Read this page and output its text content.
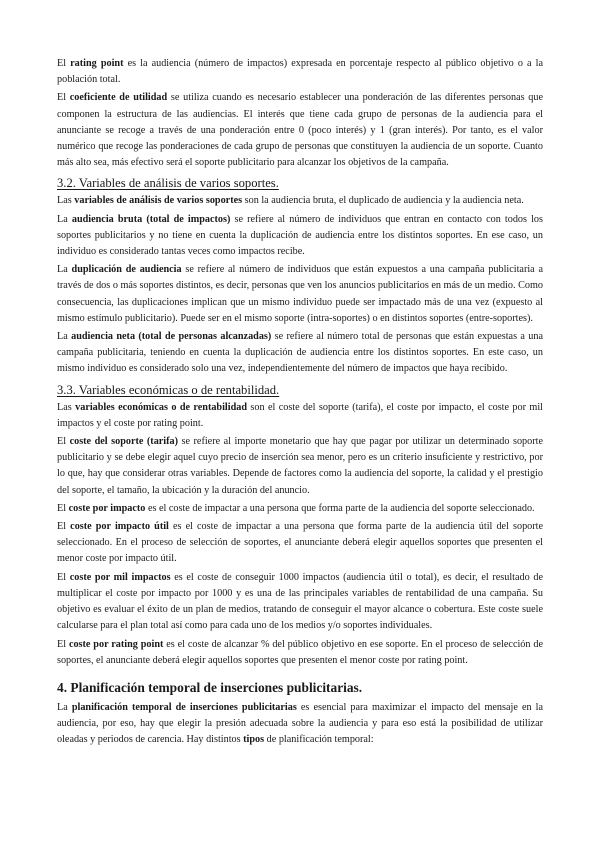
El rating point es la audiencia (número de impactos) expresada en porcentaje respecto al público objetivo o a la población total.

El coeficiente de utilidad se utiliza cuando es necesario establecer una ponderación de las diferentes personas que componen la estructura de las audiencias. El interés que tiene cada grupo de personas de la audiencia para el anunciante se recoge a través de una ponderación entre 0 (poco interés) y 1 (gran interés). Por tanto, es el valor numérico que recoge las ponderaciones de cada grupo de personas que constituyen la audiencia de un soporte. Cuanto más alto sea, más efectivo será el soporte publicitario para alcanzar los objetivos de la campaña.

3.2. Variables de análisis de varios soportes.

Las variables de análisis de varios soportes son la audiencia bruta, el duplicado de audiencia y la audiencia neta.

La audiencia bruta (total de impactos) se refiere al número de individuos que entran en contacto con todos los soportes publicitarios y no tiene en cuenta la duplicación de audiencia entre los distintos soportes. En ese caso, un individuo es considerado tantas veces como impactos recibe.

La duplicación de audiencia se refiere al número de individuos que están expuestos a una campaña publicitaria a través de dos o más soportes distintos, es decir, personas que ven los anuncios publicitarios en más de un medio. Como consecuencia, las duplicaciones implican que un mismo individuo puede ser impactado más de una vez (expuesto al mismo estímulo publicitario). Puede ser en el mismo soporte (intra-soportes) o en distintos soportes (entre-soportes).

La audiencia neta (total de personas alcanzadas) se refiere al número total de personas que están expuestas a una campaña publicitaria, teniendo en cuenta la duplicación de audiencia entre los distintos soportes. En este caso, un mismo individuo es considerado solo una vez, independientemente del número de impactos que haya recibido.

3.3. Variables económicas o de rentabilidad.

Las variables económicas o de rentabilidad son el coste del soporte (tarifa), el coste por impacto, el coste por mil impactos y el coste por rating point.

El coste del soporte (tarifa) se refiere al importe monetario que hay que pagar por utilizar un determinado soporte publicitario y se debe elegir aquel cuyo precio de inserción sea menor, pero es un criterio insuficiente y restrictivo, por lo que, hay que considerar otras variables. Depende de factores como la audiencia del soporte, la calidad y el prestigio del soporte, el tamaño, la ubicación y la duración del anuncio.

El coste por impacto es el coste de impactar a una persona que forma parte de la audiencia del soporte seleccionado.

El coste por impacto útil es el coste de impactar a una persona que forma parte de la audiencia útil del soporte seleccionado. En el proceso de selección de soportes, el anunciante deberá elegir aquellos soportes que presenten el menor coste por impacto útil.

El coste por mil impactos es el coste de conseguir 1000 impactos (audiencia útil o total), es decir, el resultado de multiplicar el coste por impacto por 1000 y es una de las principales variables de rentabilidad de una campaña. Su objetivo es evaluar el éxito de un plan de medios, tratando de conseguir el mayor alcance o cobertura. Este coste suele calcularse para el plan total así como para cada uno de los medios y/o soportes individuales.

El coste por rating point es el coste de alcanzar % del público objetivo en ese soporte. En el proceso de selección de soportes, el anunciante deberá elegir aquellos soportes que presenten el menor coste por rating point.

4. Planificación temporal de inserciones publicitarias.

La planificación temporal de inserciones publicitarias es esencial para maximizar el impacto del mensaje en la audiencia, por eso, hay que elegir la presión adecuada sobre la audiencia y para eso está la posibilidad de utilizar oleadas y periodos de carencia. Hay distintos tipos de planificación temporal:
